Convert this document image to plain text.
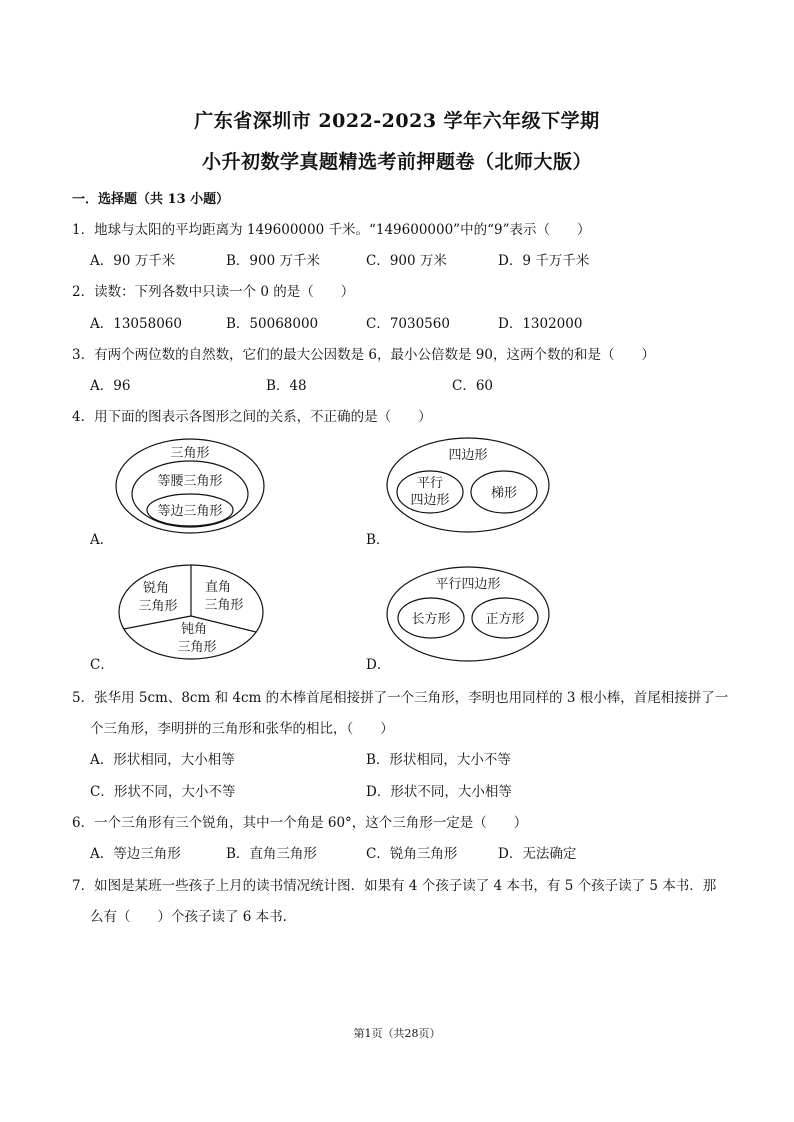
广东省深圳市 2022-2023 学年六年级下学期
小升初数学真题精选考前押题卷（北师大版）
一．选择题（共 13 小题）
1．地球与太阳的平均距离为 149600000 千米。“149600000”中的“9”表示（　　）
A．90 万千米	B．900 万千米	C．900 万米	D．9 千万千米
2．读数：下列各数中只读一个 0 的是（　　）
A．13058060	B．50068000	C．7030560	D．1302000
3．有两个两位数的自然数，它们的最大公因数是 6，最小公倍数是 90，这两个数的和是（　　）
A．96	B．48	C．60
4．用下面的图表示各图形之间的关系，不正确的是（　　）
三角形
等腰三角形
等边三角形
A．
四边形
平行
四边形	梯形
B．
锐角
三角形
直角
三角形
钝角
三角形
C．
平行四边形
长方形	正方形
D．
5．张华用 5cm、8cm 和 4cm 的木棒首尾相接拼了一个三角形，李明也用同样的 3 根小棒，首尾相接拼了一
个三角形，李明拼的三角形和张华的相比，（　　）
A．形状相同，大小相等	B．形状相同，大小不等
C．形状不同，大小不等	D．形状不同，大小相等
6．一个三角形有三个锐角，其中一个角是 60°，这个三角形一定是（　　）
A．等边三角形	B．直角三角形	C．锐角三角形	D．无法确定
7．如图是某班一些孩子上月的读书情况统计图．如果有 4 个孩子读了 4 本书，有 5 个孩子读了 5 本书．那
么有（　　）个孩子读了 6 本书.
第1页（共28页）
